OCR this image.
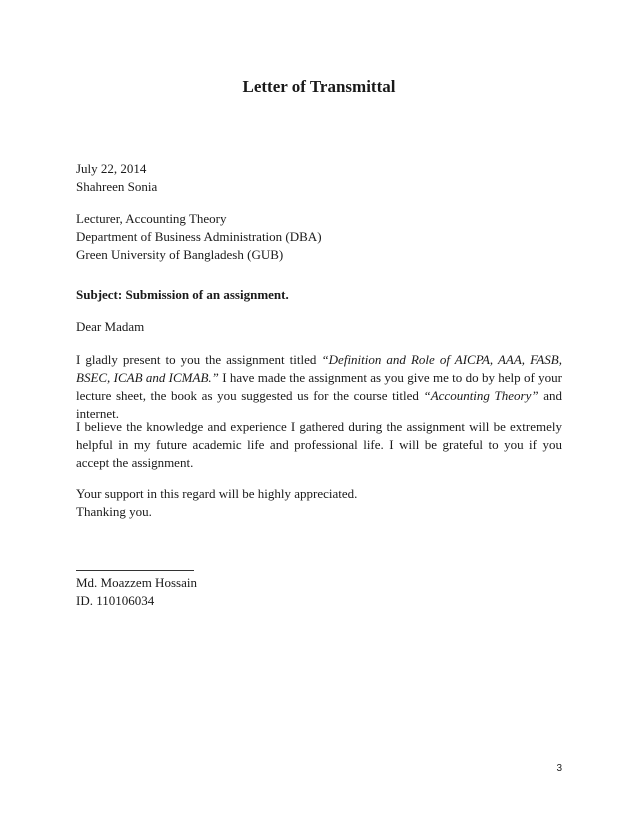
Letter of Transmittal
July 22, 2014
Shahreen Sonia
Lecturer, Accounting Theory
Department of Business Administration (DBA)
Green University of Bangladesh (GUB)
Subject: Submission of an assignment.
Dear Madam

I gladly present to you the assignment titled “Definition and Role of AICPA, AAA, FASB, BSEC, ICAB and ICMAB.” I have made the assignment as you give me to do by help of your lecture sheet, the book as you suggested us for the course titled “Accounting Theory” and internet.

I believe the knowledge and experience I gathered during the assignment will be extremely helpful in my future academic life and professional life. I will be grateful to you if you accept the assignment.

Your support in this regard will be highly appreciated.
Thanking you.
Md. Moazzem Hossain
ID. 110106034
3
